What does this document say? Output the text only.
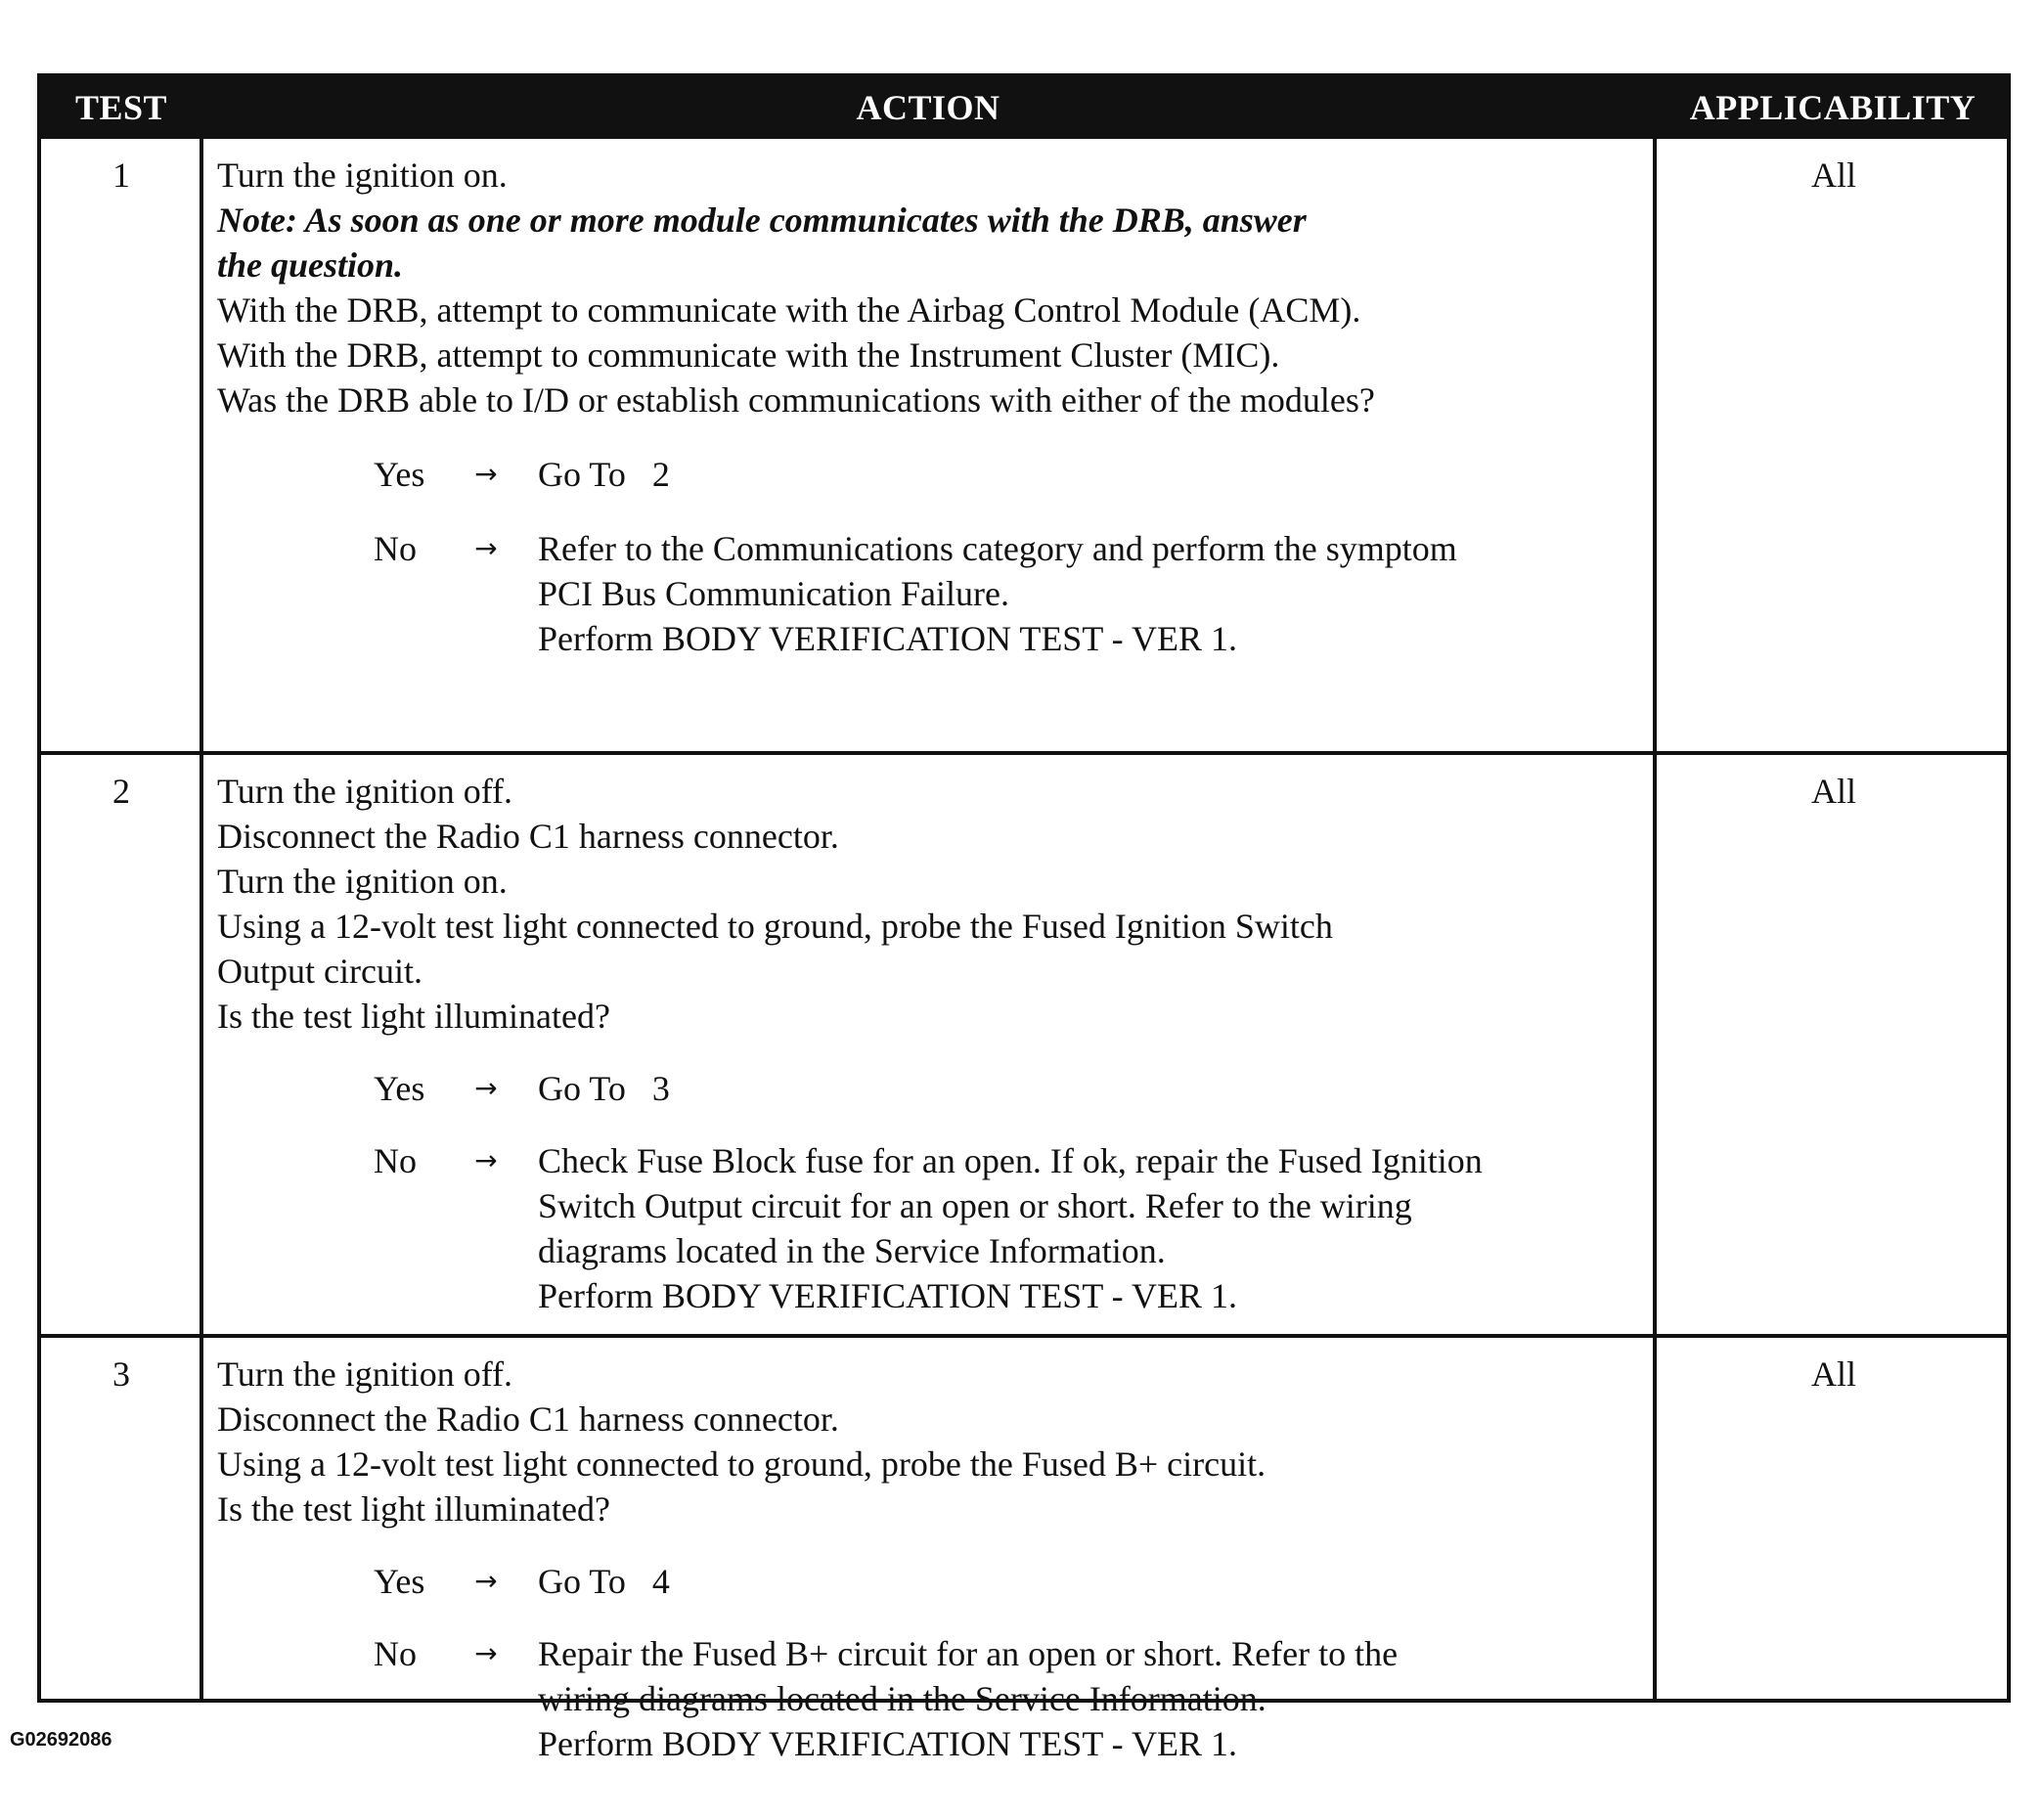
TEST	ACTION	APPLICABILITY
1	Turn the ignition on.
Note: As soon as one or more module communicates with the DRB, answer
the question.
With the DRB, attempt to communicate with the Airbag Control Module (ACM).
With the DRB, attempt to communicate with the Instrument Cluster (MIC).
Was the DRB able to I/D or establish communications with either of the modules?
Yes	→	Go To   2
No	→	Refer to the Communications category and perform the symptom
PCI Bus Communication Failure.
Perform BODY VERIFICATION TEST - VER 1.
All
2	Turn the ignition off.
Disconnect the Radio C1 harness connector.
Turn the ignition on.
Using a 12-volt test light connected to ground, probe the Fused Ignition Switch
Output circuit.
Is the test light illuminated?
Yes	→	Go To   3
No	→	Check Fuse Block fuse for an open. If ok, repair the Fused Ignition
Switch Output circuit for an open or short. Refer to the wiring
diagrams located in the Service Information.
Perform BODY VERIFICATION TEST - VER 1.
All
3	Turn the ignition off.
Disconnect the Radio C1 harness connector.
Using a 12-volt test light connected to ground, probe the Fused B+ circuit.
Is the test light illuminated?
Yes	→	Go To   4
No	→	Repair the Fused B+ circuit for an open or short. Refer to the
wiring diagrams located in the Service Information.
Perform BODY VERIFICATION TEST - VER 1.
All
G02692086
